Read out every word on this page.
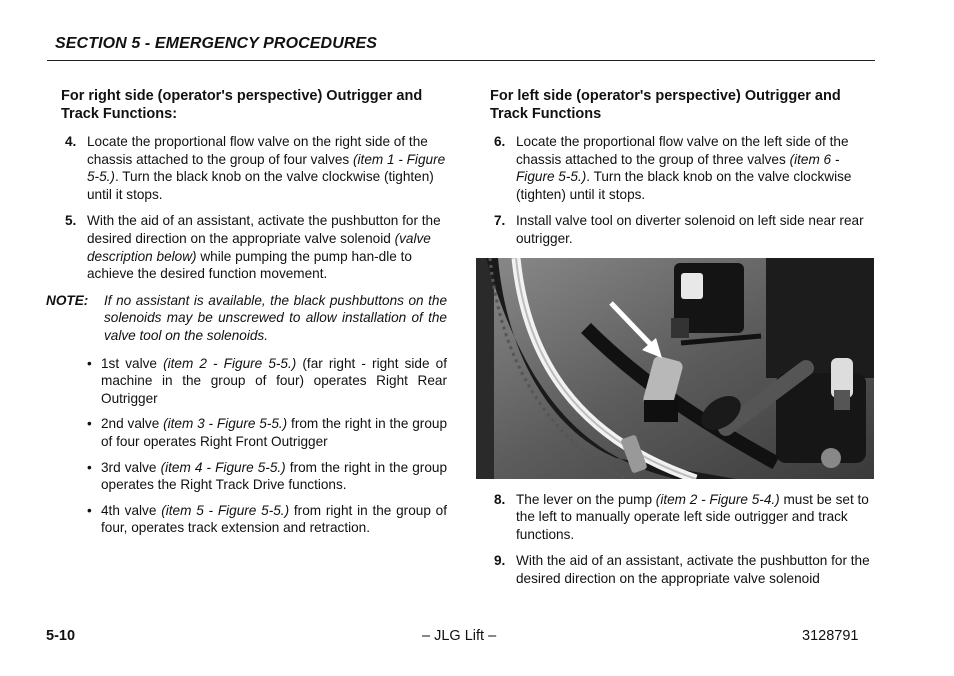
SECTION 5 - EMERGENCY PROCEDURES
For right side (operator's perspective) Outrigger and Track Functions:
4. Locate the proportional flow valve on the right side of the chassis attached to the group of four valves (item 1 - Figure 5-5.). Turn the black knob on the valve clockwise (tighten) until it stops.
5. With the aid of an assistant, activate the pushbutton for the desired direction on the appropriate valve solenoid (valve description below) while pumping the pump han-dle to achieve the desired function movement.
NOTE:	If no assistant is available, the black pushbuttons on the solenoids may be unscrewed to allow installation of the valve tool on the solenoids.
• 1st valve (item 2 - Figure 5-5.) (far right - right side of machine in the group of four) operates Right Rear Outrigger
• 2nd valve (item 3 - Figure 5-5.) from the right in the group of four operates Right Front Outrigger
• 3rd valve (item 4 - Figure 5-5.) from the right in the group operates the Right Track Drive functions.
• 4th valve (item 5 - Figure 5-5.) from right in the group of four, operates track extension and retraction.
For left side (operator's perspective) Outrigger and Track Functions
6. Locate the proportional flow valve on the left side of the chassis attached to the group of three valves (item 6 - Figure 5-5.). Turn the black knob on the valve clockwise (tighten) until it stops.
7. Install valve tool on diverter solenoid on left side near rear outrigger.
8. The lever on the pump (item 2 - Figure 5-4.) must be set to the left to manually operate left side outrigger and track functions.
9. With the aid of an assistant, activate the pushbutton for the desired direction on the appropriate valve solenoid
5-10	– JLG Lift –	3128791
